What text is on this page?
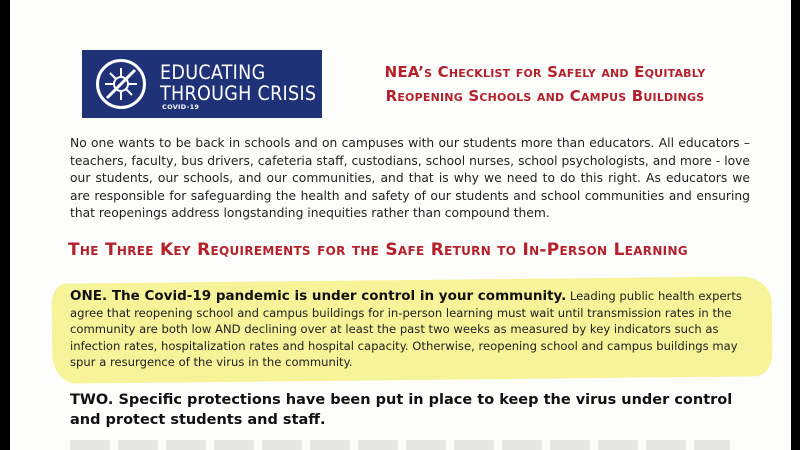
EDUCATING
THROUGH CRISIS
COVID-19
NEA’s Checklist for Safely and Equitably
Reopening Schools and Campus Buildings
No one wants to be back in schools and on campuses with our students more than educators. All educators – teachers, faculty, bus drivers, cafeteria staff, custodians, school nurses, school psychologists, and more - love our students, our schools, and our communities, and that is why we need to do this right. As educators we are responsible for safeguarding the health and safety of our students and school communities and ensuring that reopenings address longstanding inequities rather than compound them.
The Three Key Requirements for the Safe Return to In-Person Learning
ONE. The Covid-19 pandemic is under control in your community. Leading public health experts agree that reopening school and campus buildings for in-person learning must wait until transmission rates in the community are both low AND declining over at least the past two weeks as measured by key indicators such as infection rates, hospitalization rates and hospital capacity. Otherwise, reopening school and campus buildings may spur a resurgence of the virus in the community.
TWO. Specific protections have been put in place to keep the virus under control and protect students and staff.
